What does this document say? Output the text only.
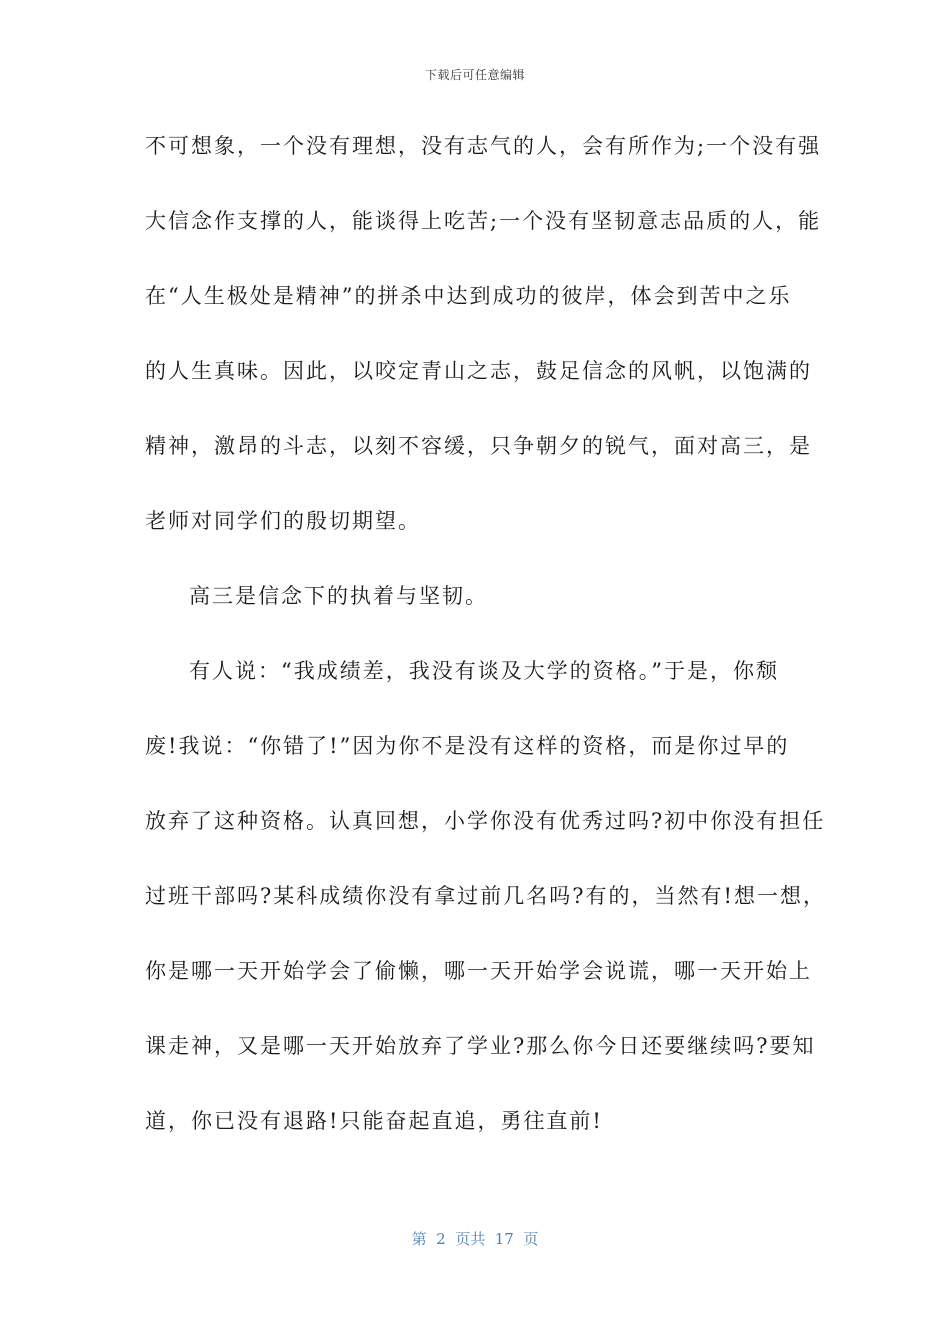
下载后可任意编辑
不可想象，一个没有理想，没有志气的人，会有所作为;一个没有强
大信念作支撑的人，能谈得上吃苦;一个没有坚韧意志品质的人，能
在“人生极处是精神”的拼杀中达到成功的彼岸，体会到苦中之乐
的人生真味。因此，以咬定青山之志，鼓足信念的风帆，以饱满的
精神，激昂的斗志，以刻不容缓，只争朝夕的锐气，面对高三，是
老师对同学们的殷切期望。
高三是信念下的执着与坚韧。
有人说：“我成绩差，我没有谈及大学的资格。”于是，你颓
废!我说：“你错了!”因为你不是没有这样的资格，而是你过早的
放弃了这种资格。认真回想，小学你没有优秀过吗?初中你没有担任
过班干部吗?某科成绩你没有拿过前几名吗?有的，当然有!想一想，
你是哪一天开始学会了偷懒，哪一天开始学会说谎，哪一天开始上
课走神，又是哪一天开始放弃了学业?那么你今日还要继续吗?要知
道，你已没有退路!只能奋起直追，勇往直前!
第  2  页共  17  页
